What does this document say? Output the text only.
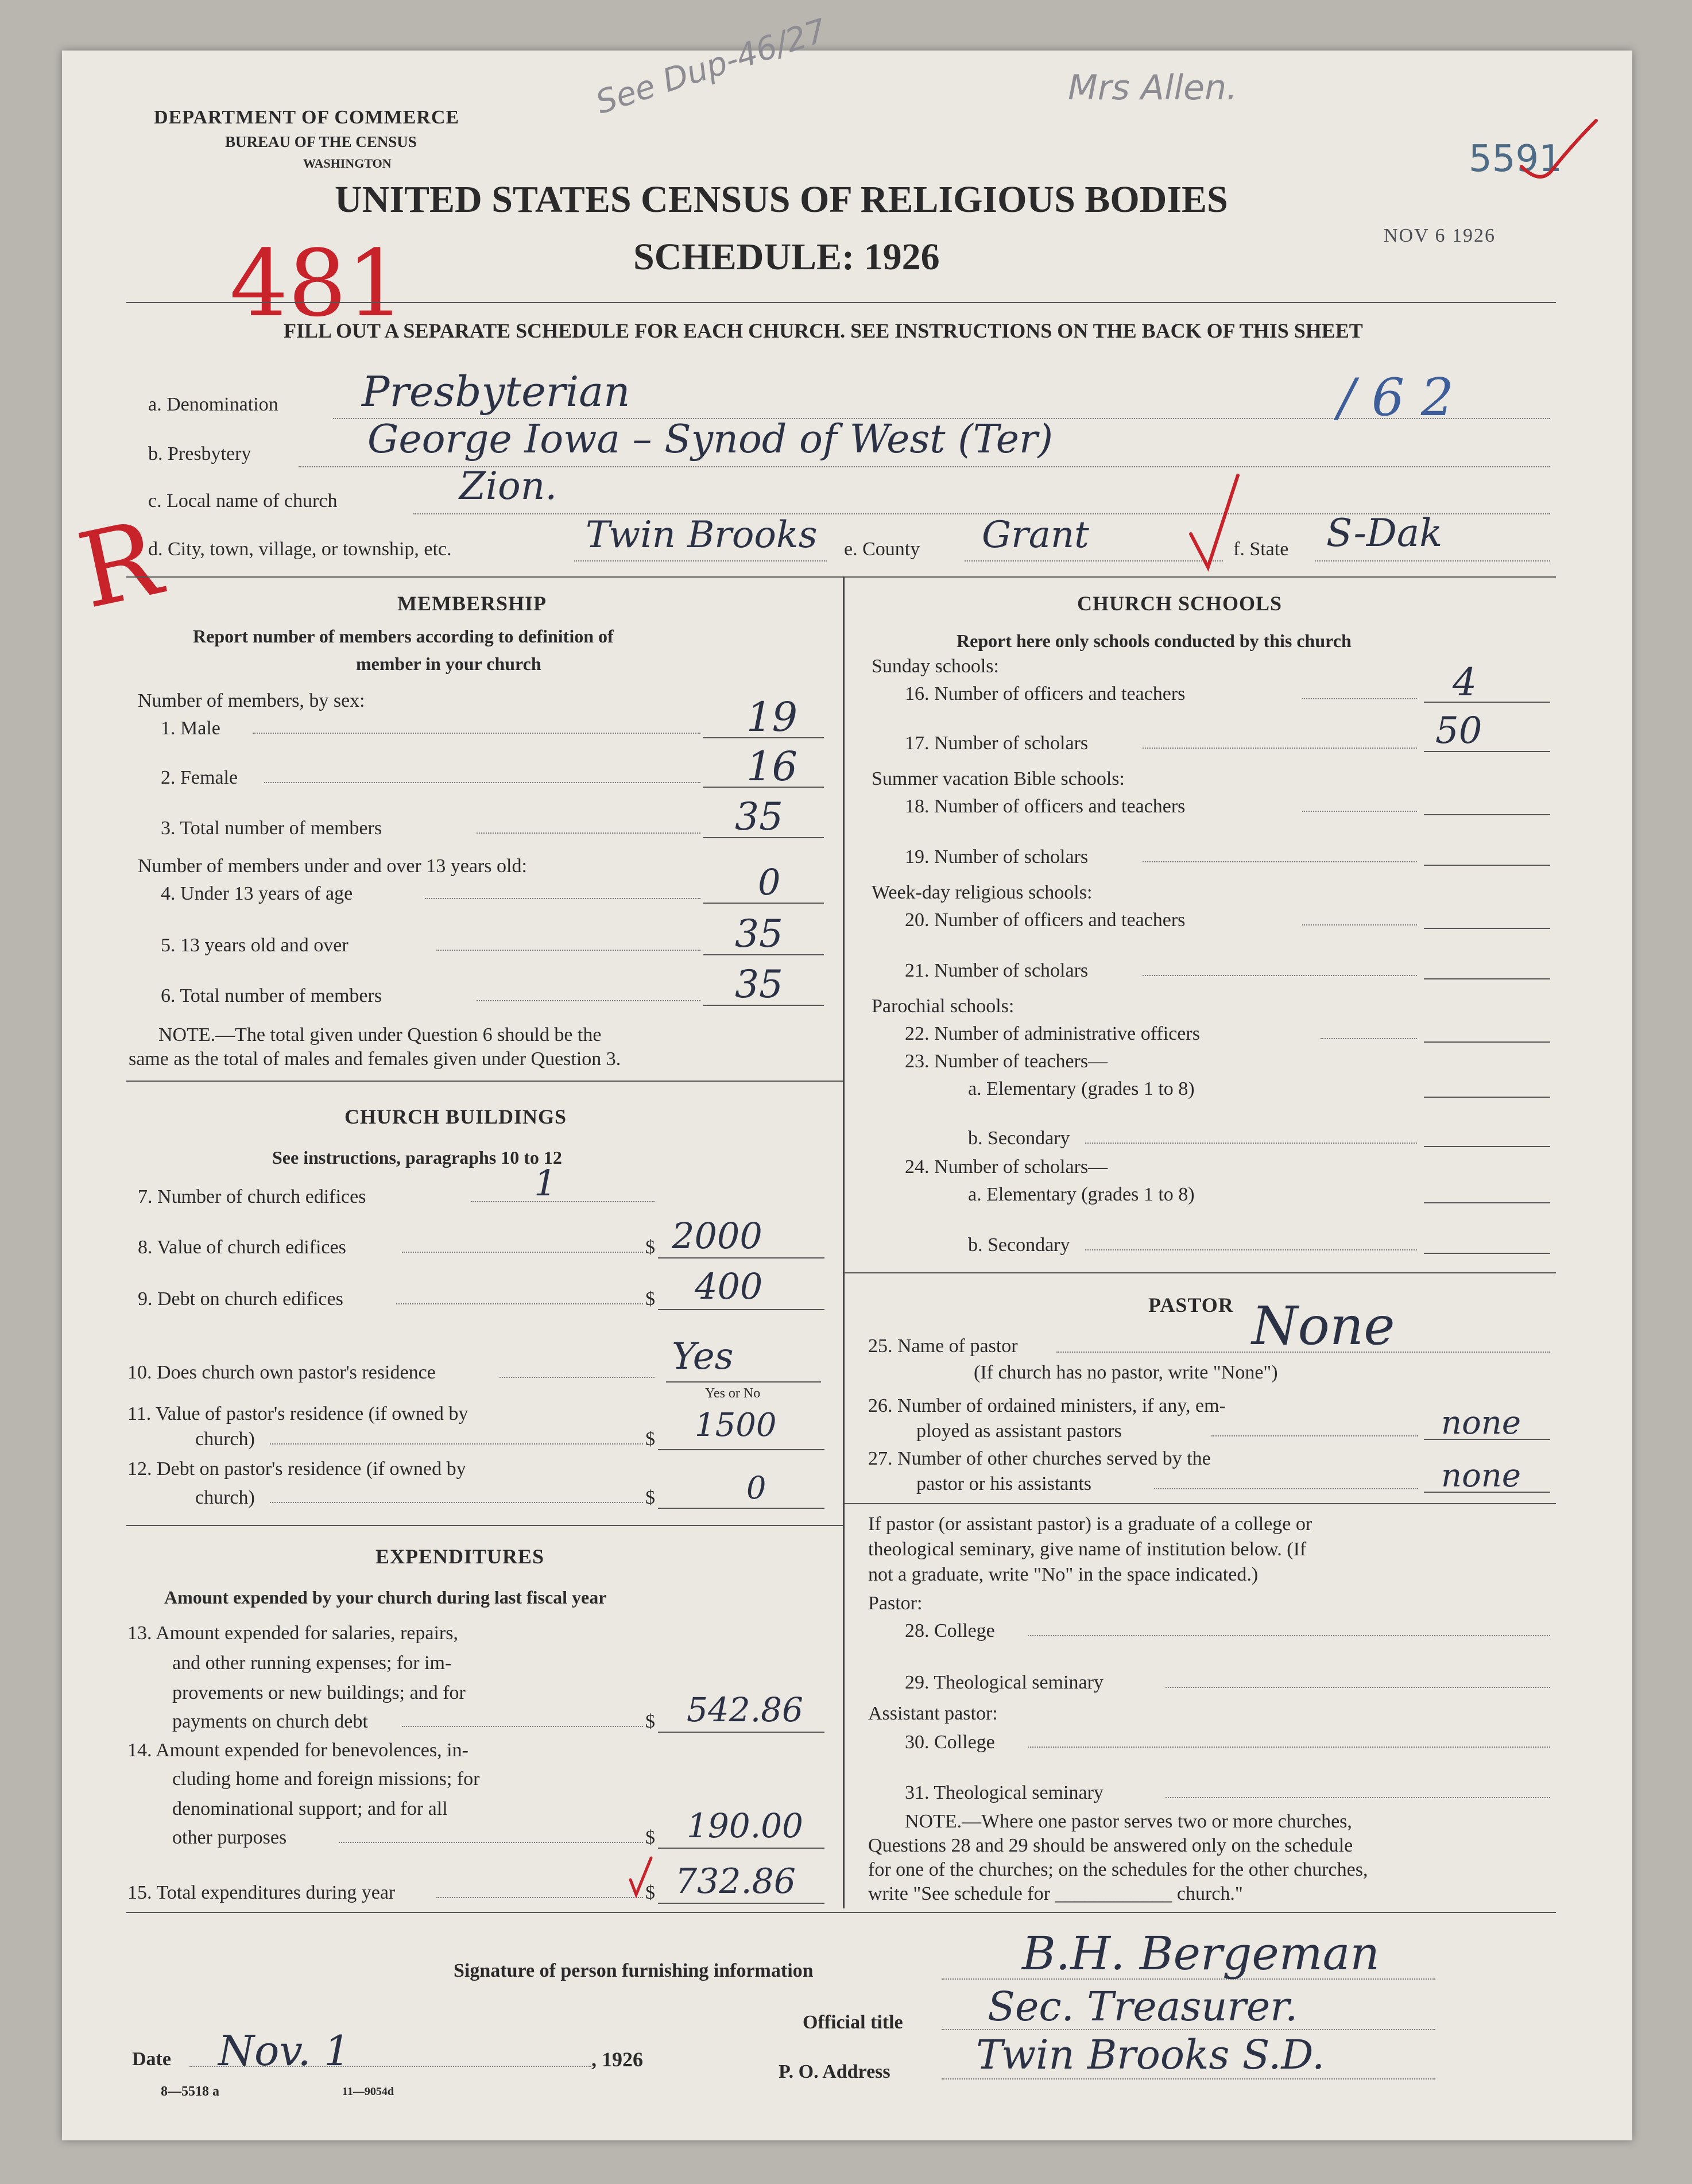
DEPARTMENT OF COMMERCE
BUREAU OF THE CENSUS
WASHINGTON
See Dup-46/27	Mrs Allen.
5591
NOV 6 1926
UNITED STATES CENSUS OF RELIGIOUS BODIES
SCHEDULE: 1926
481
FILL OUT A SEPARATE SCHEDULE FOR EACH CHURCH. SEE INSTRUCTIONS ON THE BACK OF THIS SHEET
R
a. Denomination Presbyterian	/ 6 2
b. Presbytery	George Iowa – Synod of West (Ter)
c. Local name of church	Zion.
d. City, town, village, or township, etc.	Twin Brooks e. County Grant	f. State S-Dak
MEMBERSHIP
Report number of members according to definition of
member in your church
Number of members, by sex:
1. Male	19
2. Female	16
3. Total number of members	35
Number of members under and over 13 years old:
4. Under 13 years of age	0
5. 13 years old and over	35
6. Total number of members	35
NOTE.—The total given under Question 6 should be the
same as the total of males and females given under Question 3.
CHURCH BUILDINGS
See instructions, paragraphs 10 to 12
7. Number of church edifices	1
8. Value of church edifices	$ 2000
9. Debt on church edifices	$ 400
10. Does church own pastor's residence	Yes
Yes or No
11. Value of pastor's residence (if owned by
church)	$ 1500
12. Debt on pastor's residence (if owned by
church)	$	0
EXPENDITURES
Amount expended by your church during last fiscal year
13. Amount expended for salaries, repairs,
and other running expenses; for im-
provements or new buildings; and for
payments on church debt	$ 542.86
14. Amount expended for benevolences, in-
cluding home and foreign missions; for
denominational support; and for all
other purposes	$ 190.00
15. Total expenditures during year	$ 732.86
CHURCH SCHOOLS
Report here only schools conducted by this church
Sunday schools:
16. Number of officers and teachers	4
17. Number of scholars	50
Summer vacation Bible schools:
18. Number of officers and teachers
19. Number of scholars
Week-day religious schools:
20. Number of officers and teachers
21. Number of scholars
Parochial schools:
22. Number of administrative officers
23. Number of teachers—
a. Elementary (grades 1 to 8)
b. Secondary
24. Number of scholars—
a. Elementary (grades 1 to 8)
b. Secondary
PASTOR
25. Name of pastor	None
(If church has no pastor, write "None")
26. Number of ordained ministers, if any, em-
ployed as assistant pastors	none
27. Number of other churches served by the
pastor or his assistants	none
If pastor (or assistant pastor) is a graduate of a college or
theological seminary, give name of institution below. (If
not a graduate, write "No" in the space indicated.)
Pastor:
28. College
29. Theological seminary
Assistant pastor:
30. College
31. Theological seminary
NOTE.—Where one pastor serves two or more churches,
Questions 28 and 29 should be answered only on the schedule
for one of the churches; on the schedules for the other churches,
write "See schedule for ____________ church."
Signature of person furnishing information	B.H. Bergeman
Official title Sec. Treasurer.
Date Nov. 1	, 1926
P. O. Address Twin Brooks S.D.
8—5518 a	11—9054d
